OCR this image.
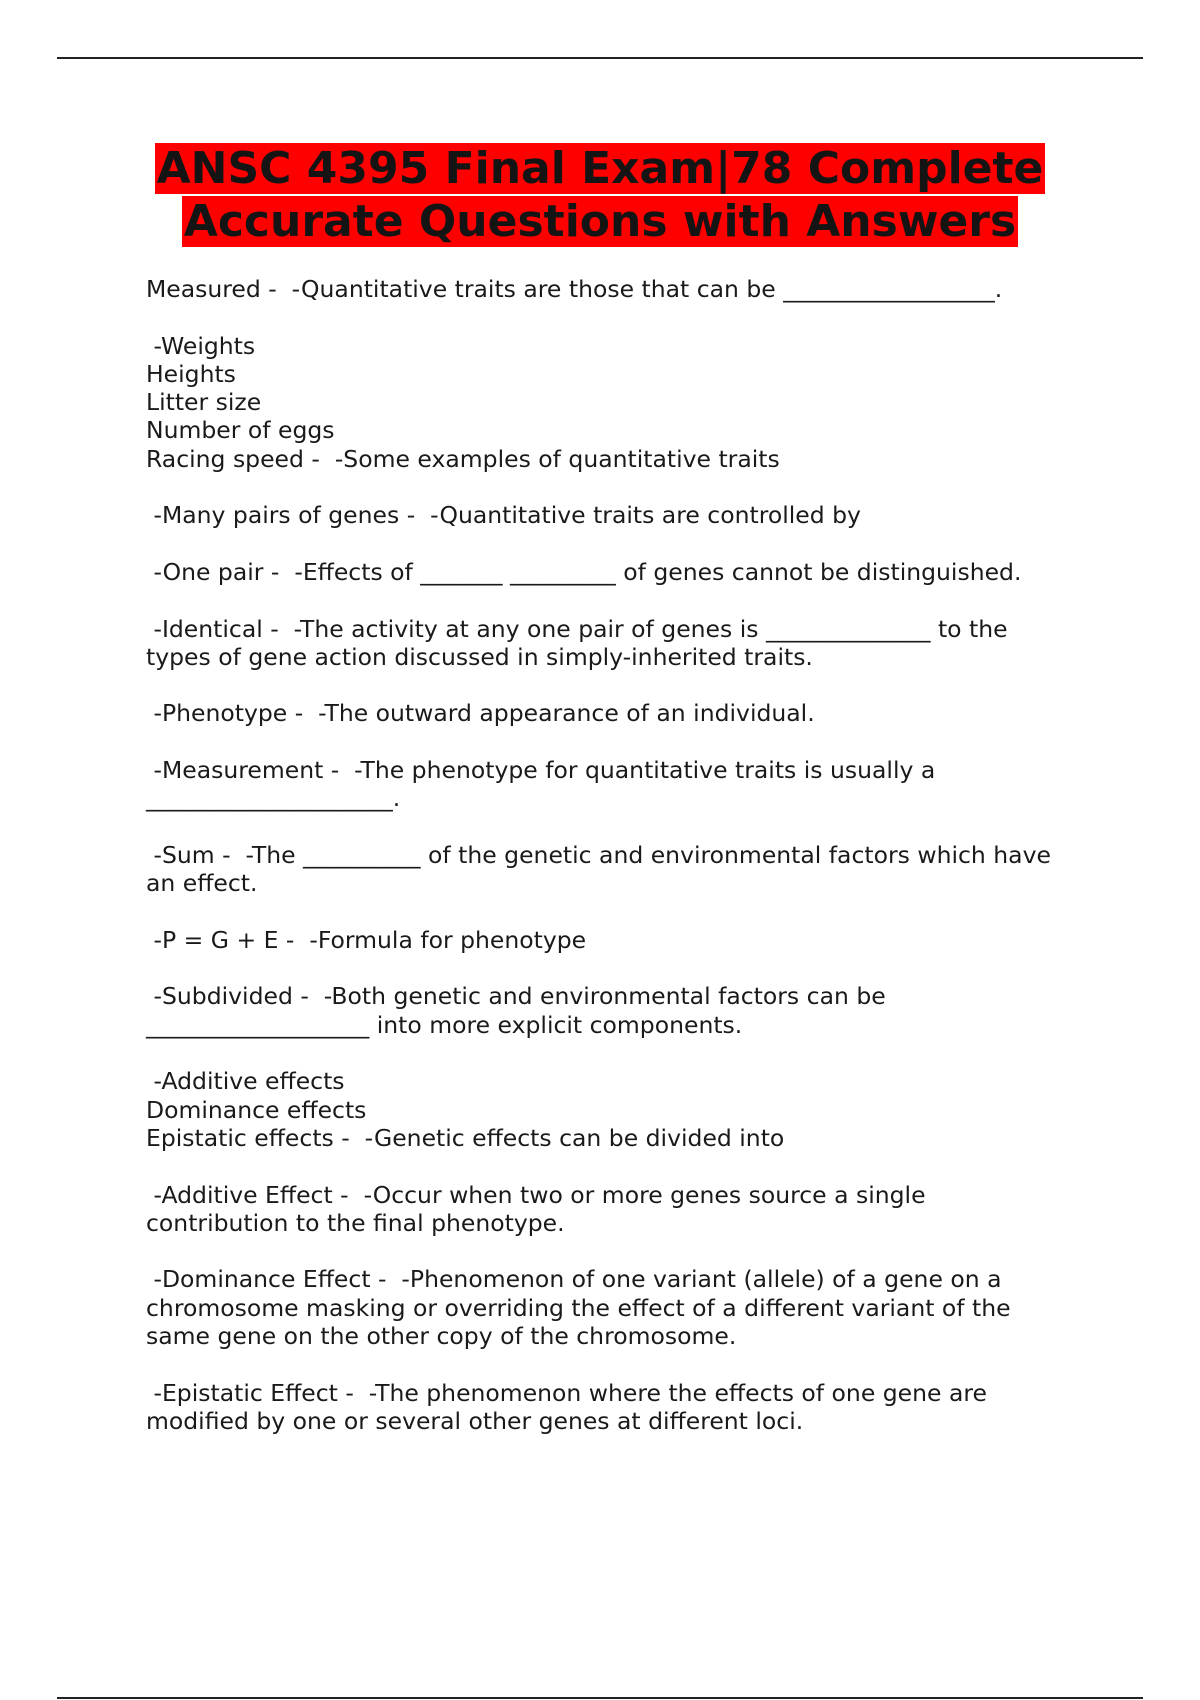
ANSC 4395 Final Exam|78 Complete
Accurate Questions with Answers
Measured -  -Quantitative traits are those that can be __________________.
-Weights
Heights
Litter size
Number of eggs
Racing speed -  -Some examples of quantitative traits
-Many pairs of genes -  -Quantitative traits are controlled by
-One pair -  -Effects of _______ _________ of genes cannot be distinguished.
-Identical -  -The activity at any one pair of genes is ______________ to the
types of gene action discussed in simply-inherited traits.
-Phenotype -  -The outward appearance of an individual.
-Measurement -  -The phenotype for quantitative traits is usually a
_____________________.
-Sum -  -The __________ of the genetic and environmental factors which have
an effect.
-P = G + E -  -Formula for phenotype
-Subdivided -  -Both genetic and environmental factors can be
___________________ into more explicit components.
-Additive effects
Dominance effects
Epistatic effects -  -Genetic effects can be divided into
-Additive Effect -  -Occur when two or more genes source a single
contribution to the final phenotype.
-Dominance Effect -  -Phenomenon of one variant (allele) of a gene on a
chromosome masking or overriding the effect of a different variant of the
same gene on the other copy of the chromosome.
-Epistatic Effect -  -The phenomenon where the effects of one gene are
modified by one or several other genes at different loci.
